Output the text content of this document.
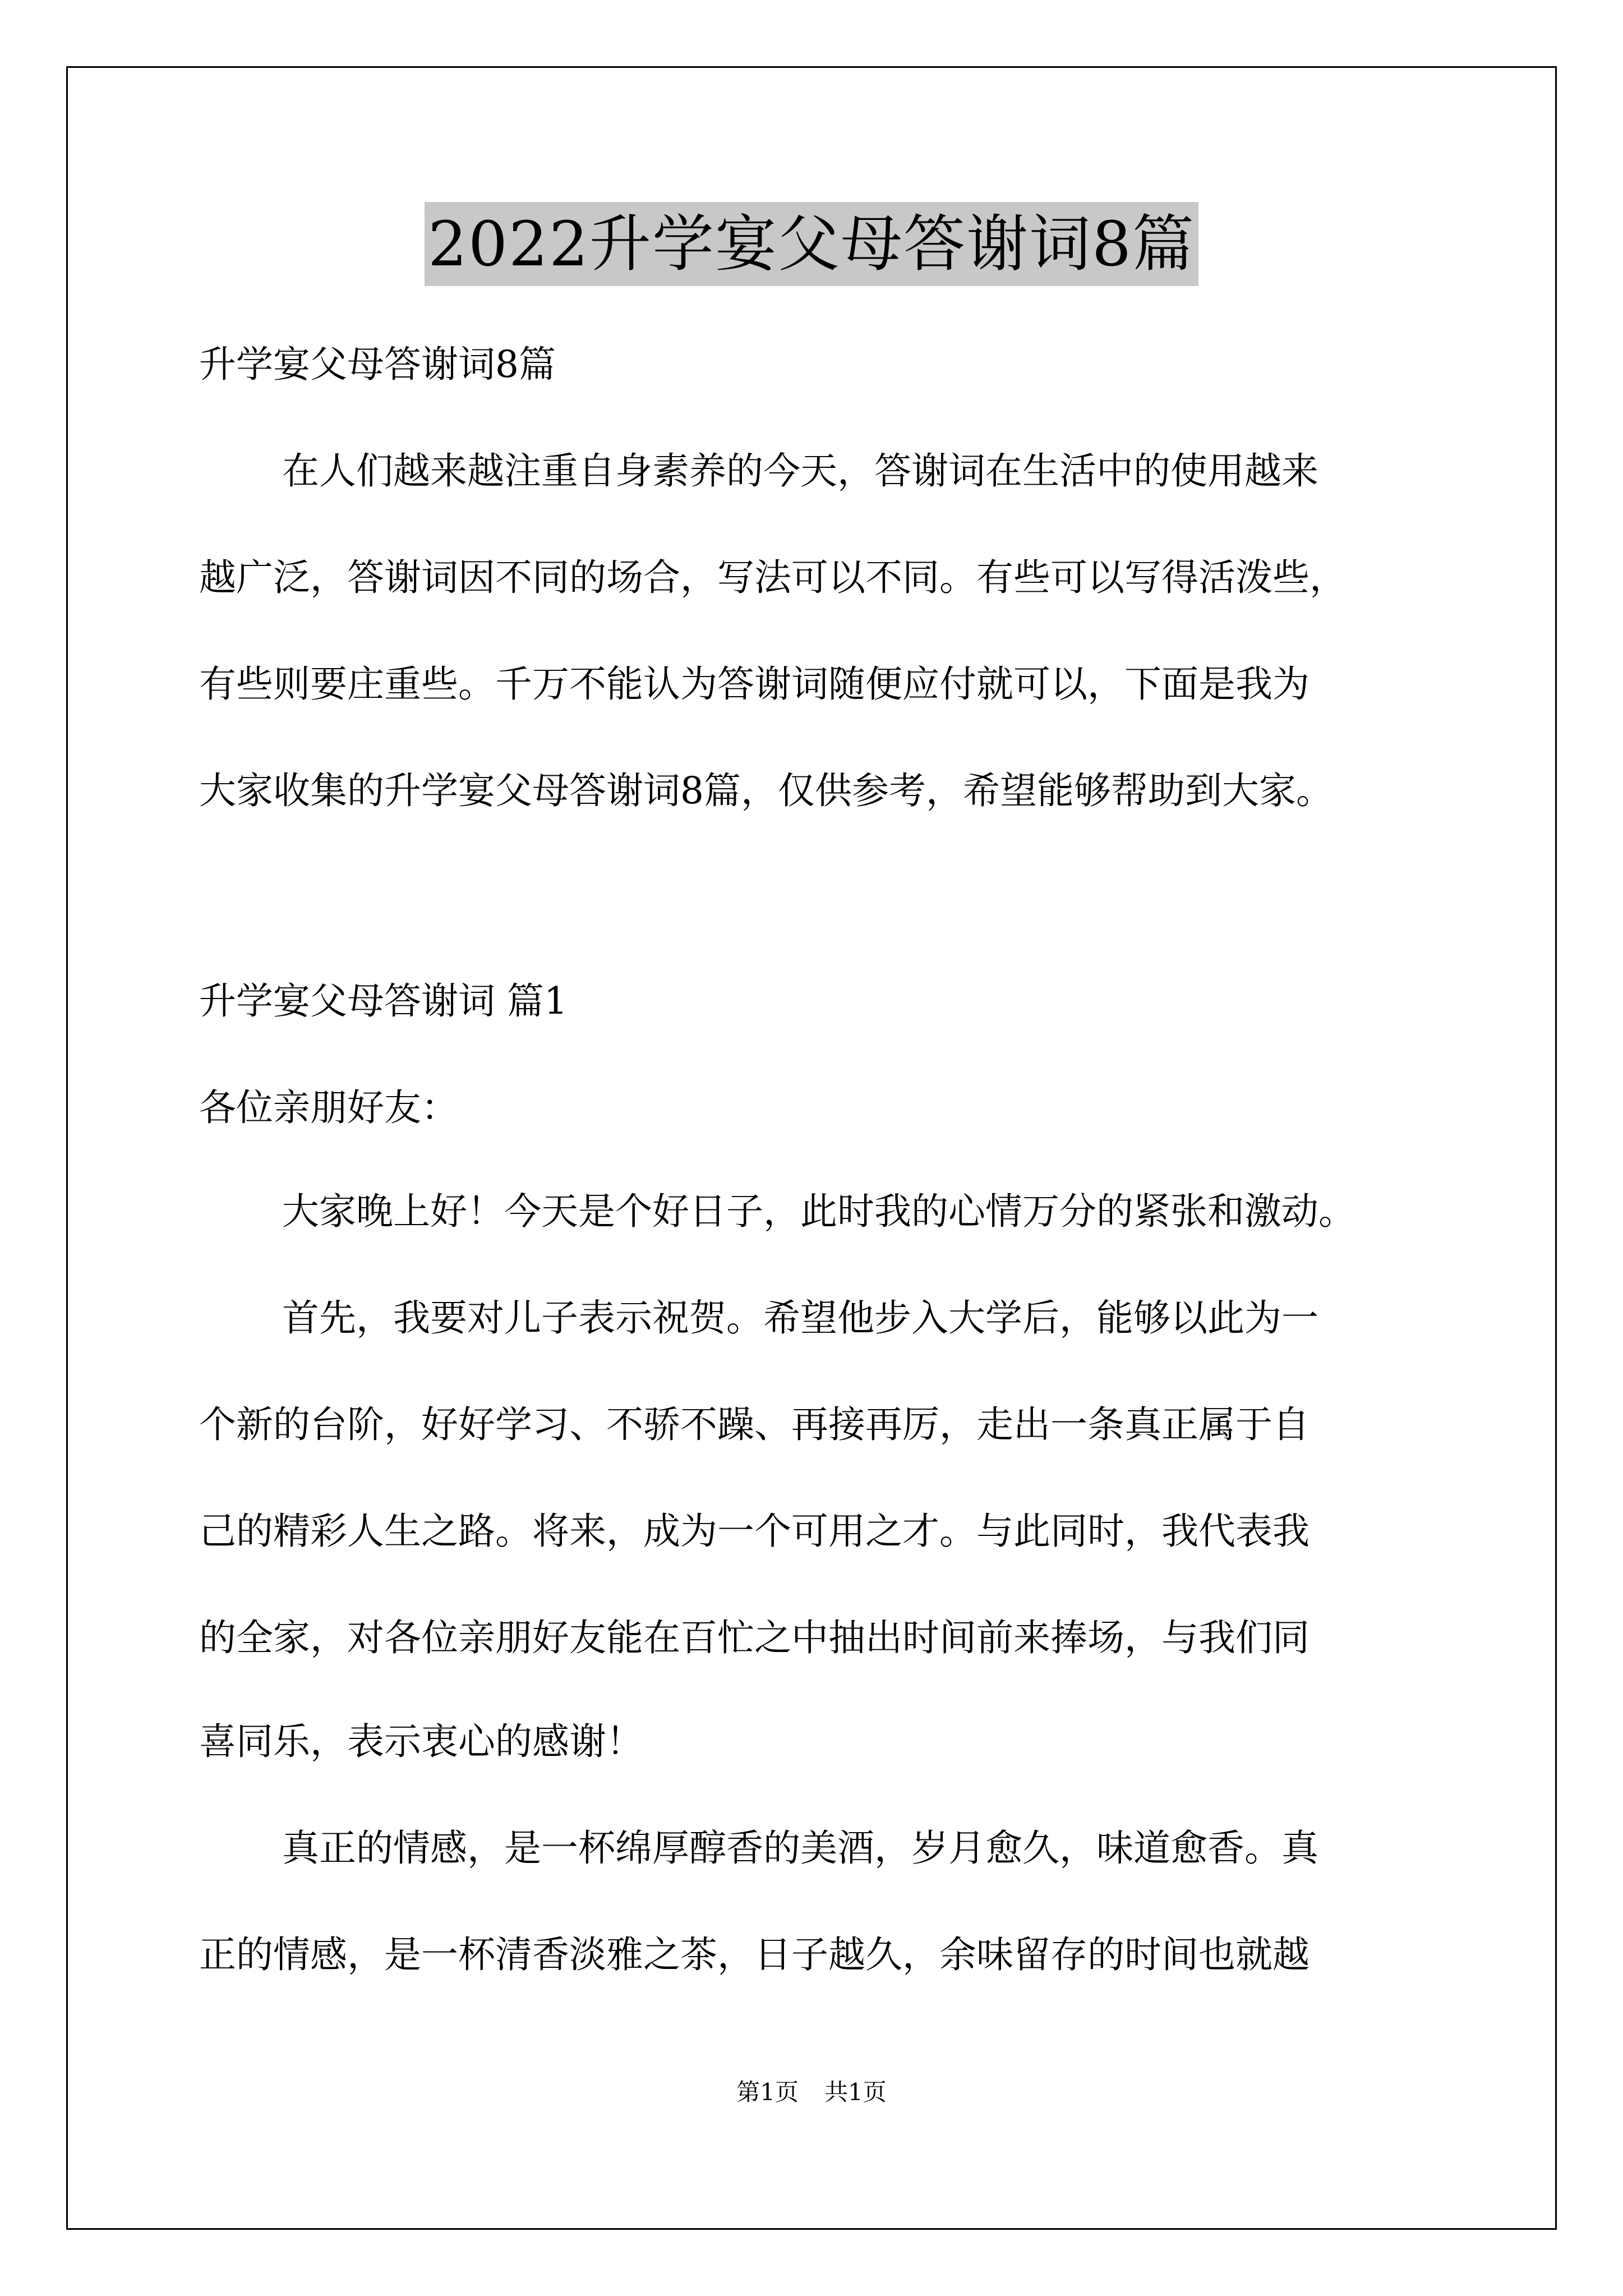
2022升学宴父母答谢词8篇
升学宴父母答谢词8篇
在人们越来越注重自身素养的今天，答谢词在生活中的使用越来
越广泛，答谢词因不同的场合，写法可以不同。有些可以写得活泼些，
有些则要庄重些。千万不能认为答谢词随便应付就可以，下面是我为
大家收集的升学宴父母答谢词8篇，仅供参考，希望能够帮助到大家。
升学宴父母答谢词 篇1
各位亲朋好友：
大家晚上好！今天是个好日子，此时我的心情万分的紧张和激动。
首先，我要对儿子表示祝贺。希望他步入大学后，能够以此为一
个新的台阶，好好学习、不骄不躁、再接再厉，走出一条真正属于自
己的精彩人生之路。将来，成为一个可用之才。与此同时，我代表我
的全家，对各位亲朋好友能在百忙之中抽出时间前来捧场，与我们同
喜同乐，表示衷心的感谢！
真正的情感，是一杯绵厚醇香的美酒，岁月愈久，味道愈香。真
正的情感，是一杯清香淡雅之茶，日子越久，余味留存的时间也就越
第1页 共1页
